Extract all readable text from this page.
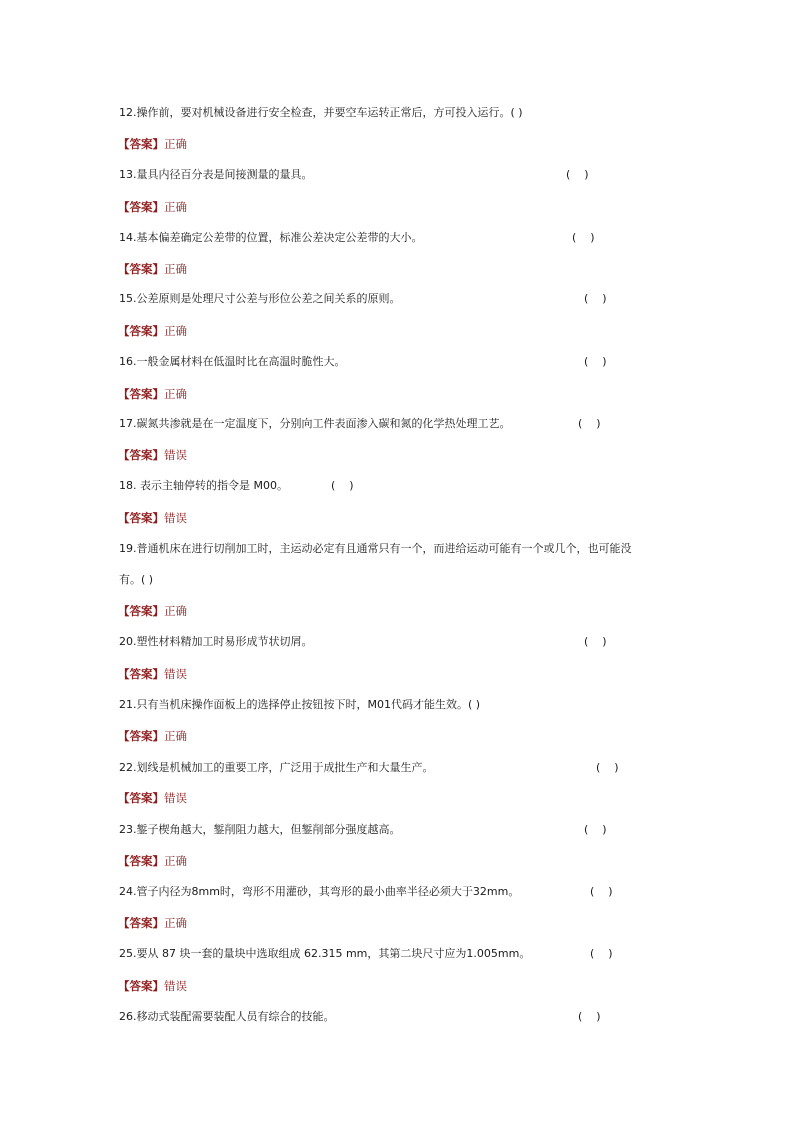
12.操作前，要对机械设备进行安全检查，并要空车运转正常后，方可投入运行。( )
【答案】正确
13.量具内径百分表是间接测量的量具。	(    )
【答案】正确
14.基本偏差确定公差带的位置，标准公差决定公差带的大小。	(    )
【答案】正确
15.公差原则是处理尺寸公差与形位公差之间关系的原则。	(    )
【答案】正确
16.一般金属材料在低温时比在高温时脆性大。	(    )
【答案】正确
17.碳氮共渗就是在一定温度下，分别向工件表面渗入碳和氮的化学热处理工艺。	(    )
【答案】错误
18. 表示主轴停转的指令是 M00。	(    )
【答案】错误
19.普通机床在进行切削加工时，主运动必定有且通常只有一个，而进给运动可能有一个或几个，也可能没
有。( )
【答案】正确
20.塑性材料精加工时易形成节状切屑。	(    )
【答案】错误
21.只有当机床操作面板上的选择停止按钮按下时，M01代码才能生效。( )
【答案】正确
22.划线是机械加工的重要工序，广泛用于成批生产和大量生产。	(    )
【答案】错误
23.錾子楔角越大，錾削阻力越大，但錾削部分强度越高。	(    )
【答案】正确
24.管子内径为8mm时，弯形不用灌砂，其弯形的最小曲率半径必须大于32mm。	(    )
【答案】正确
25.要从 87 块一套的量块中选取组成 62.315 mm，其第二块尺寸应为1.005mm。	(    )
【答案】错误
26.移动式装配需要装配人员有综合的技能。	(    )
